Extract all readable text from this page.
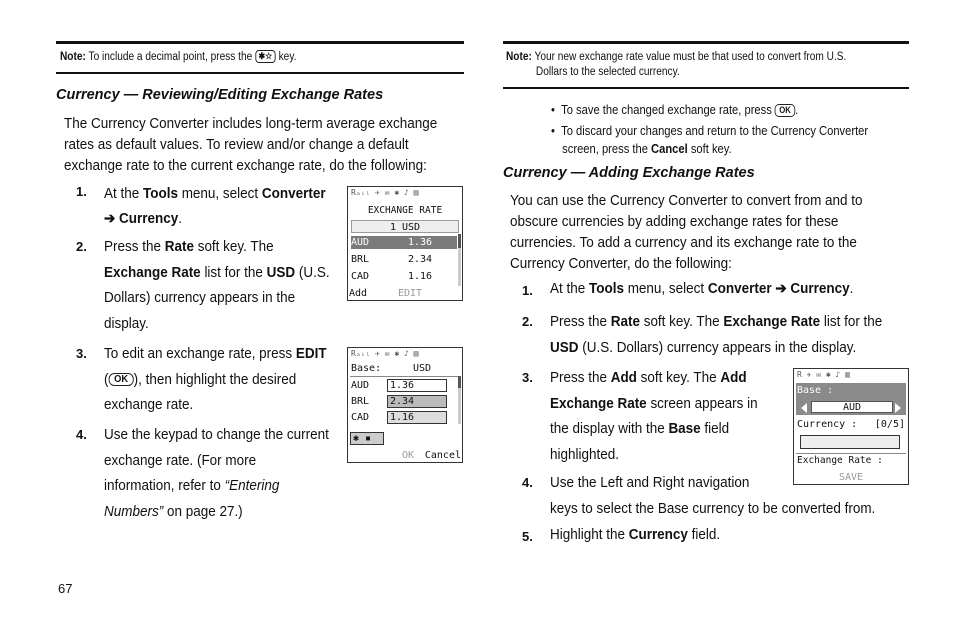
Note: To include a decimal point, press the ✱☆ key.
Currency — Reviewing/Editing Exchange Rates
The Currency Converter includes long-term average exchange
rates as default values. To review and/or change a default
exchange rate to the current exchange rate, do the following:
1. At the Tools menu, select Converter
➔ Currency.
2. Press the Rate soft key. The
Exchange Rate list for the USD (U.S.
Dollars) currency appears in the
display.
3. To edit an exchange rate, press EDIT
( OK ), then highlight the desired
exchange rate.
4. Use the keypad to change the current
exchange rate. (For more
information, refer to “Entering
Numbers” on page 27.)
Rₐᵢₗ ✈ ✉ ✱ ♪ ▥
EXCHANGE RATE
1 USD
AUD	1.36
BRL	2.34
CAD	1.16
Add	EDIT
Rₐᵢₗ ✈ ✉ ✱ ♪ ▥
Base:	USD
AUD	1.36
BRL	2.34
CAD	1.16
✱ ▪
OK Cancel
Note: Your new exchange rate value must be that used to convert from U.S.
Dollars to the selected currency.
•  To save the changed exchange rate, press OK .
•  To discard your changes and return to the Currency Converter
screen, press the Cancel soft key.
Currency — Adding Exchange Rates
You can use the Currency Converter to convert from and to
obscure currencies by adding exchange rates for these
currencies. To add a currency and its exchange rate to the
Currency Converter, do the following:
1. At the Tools menu, select Converter ➔ Currency.
2. Press the Rate soft key. The Exchange Rate list for the
USD (U.S. Dollars) currency appears in the display.
3. Press the Add soft key. The Add
Exchange Rate screen appears in
the display with the Base field
highlighted.
4. Use the Left and Right navigation
keys to select the Base currency to be converted from.
5. Highlight the Currency field.
R ✈ ✉ ✱ ♪ ▥
Base :
AUD
Currency : [0/5]
Exchange Rate :
SAVE
67
